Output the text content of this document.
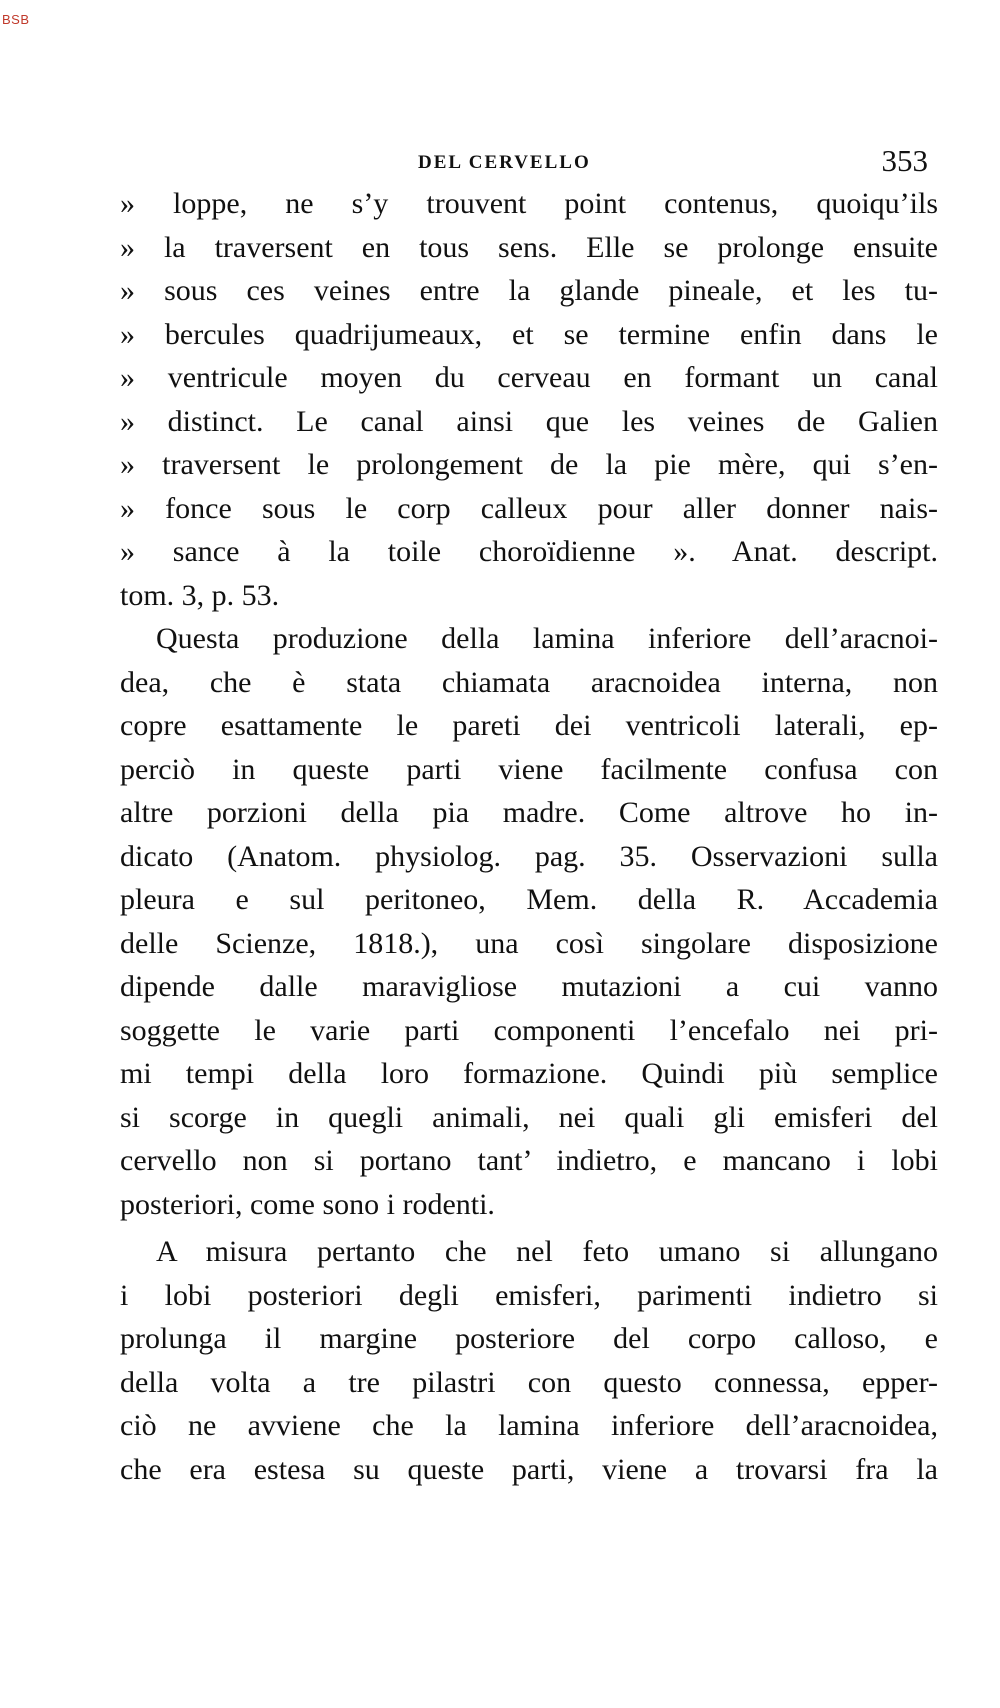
BSB
DEL CERVELLO	353
» loppe, ne s’y trouvent point contenus, quoiqu’ils
» la traversent en tous sens. Elle se prolonge ensuite
» sous ces veines entre la glande pineale, et les tu-
» bercules quadrijumeaux, et se termine enfin dans le
» ventricule moyen du cerveau en formant un canal
» distinct. Le canal ainsi que les veines de Galien
» traversent le prolongement de la pie mère, qui s’en-
» fonce sous le corp calleux pour aller donner nais-
» sance à la toile choroïdienne ». Anat. descript.
tom. 3, p. 53.
Questa produzione della lamina inferiore dell’aracnoi-
dea, che è stata chiamata aracnoidea interna, non
copre esattamente le pareti dei ventricoli laterali, ep-
perciò in queste parti viene facilmente confusa con
altre porzioni della pia madre. Come altrove ho in-
dicato (Anatom. physiolog. pag. 35. Osservazioni sulla
pleura e sul peritoneo, Mem. della R. Accademia
delle Scienze, 1818.), una così singolare disposizione
dipende dalle maravigliose mutazioni a cui vanno
soggette le varie parti componenti l’encefalo nei pri-
mi tempi della loro formazione. Quindi più semplice
si scorge in quegli animali, nei quali gli emisferi del
cervello non si portano tant’ indietro, e mancano i lobi
posteriori, come sono i rodenti.
A misura pertanto che nel feto umano si allungano
i lobi posteriori degli emisferi, parimenti indietro si
prolunga il margine posteriore del corpo calloso, e
della volta a tre pilastri con questo connessa, epper-
ciò ne avviene che la lamina inferiore dell’aracnoidea,
che era estesa su queste parti, viene a trovarsi fra la
